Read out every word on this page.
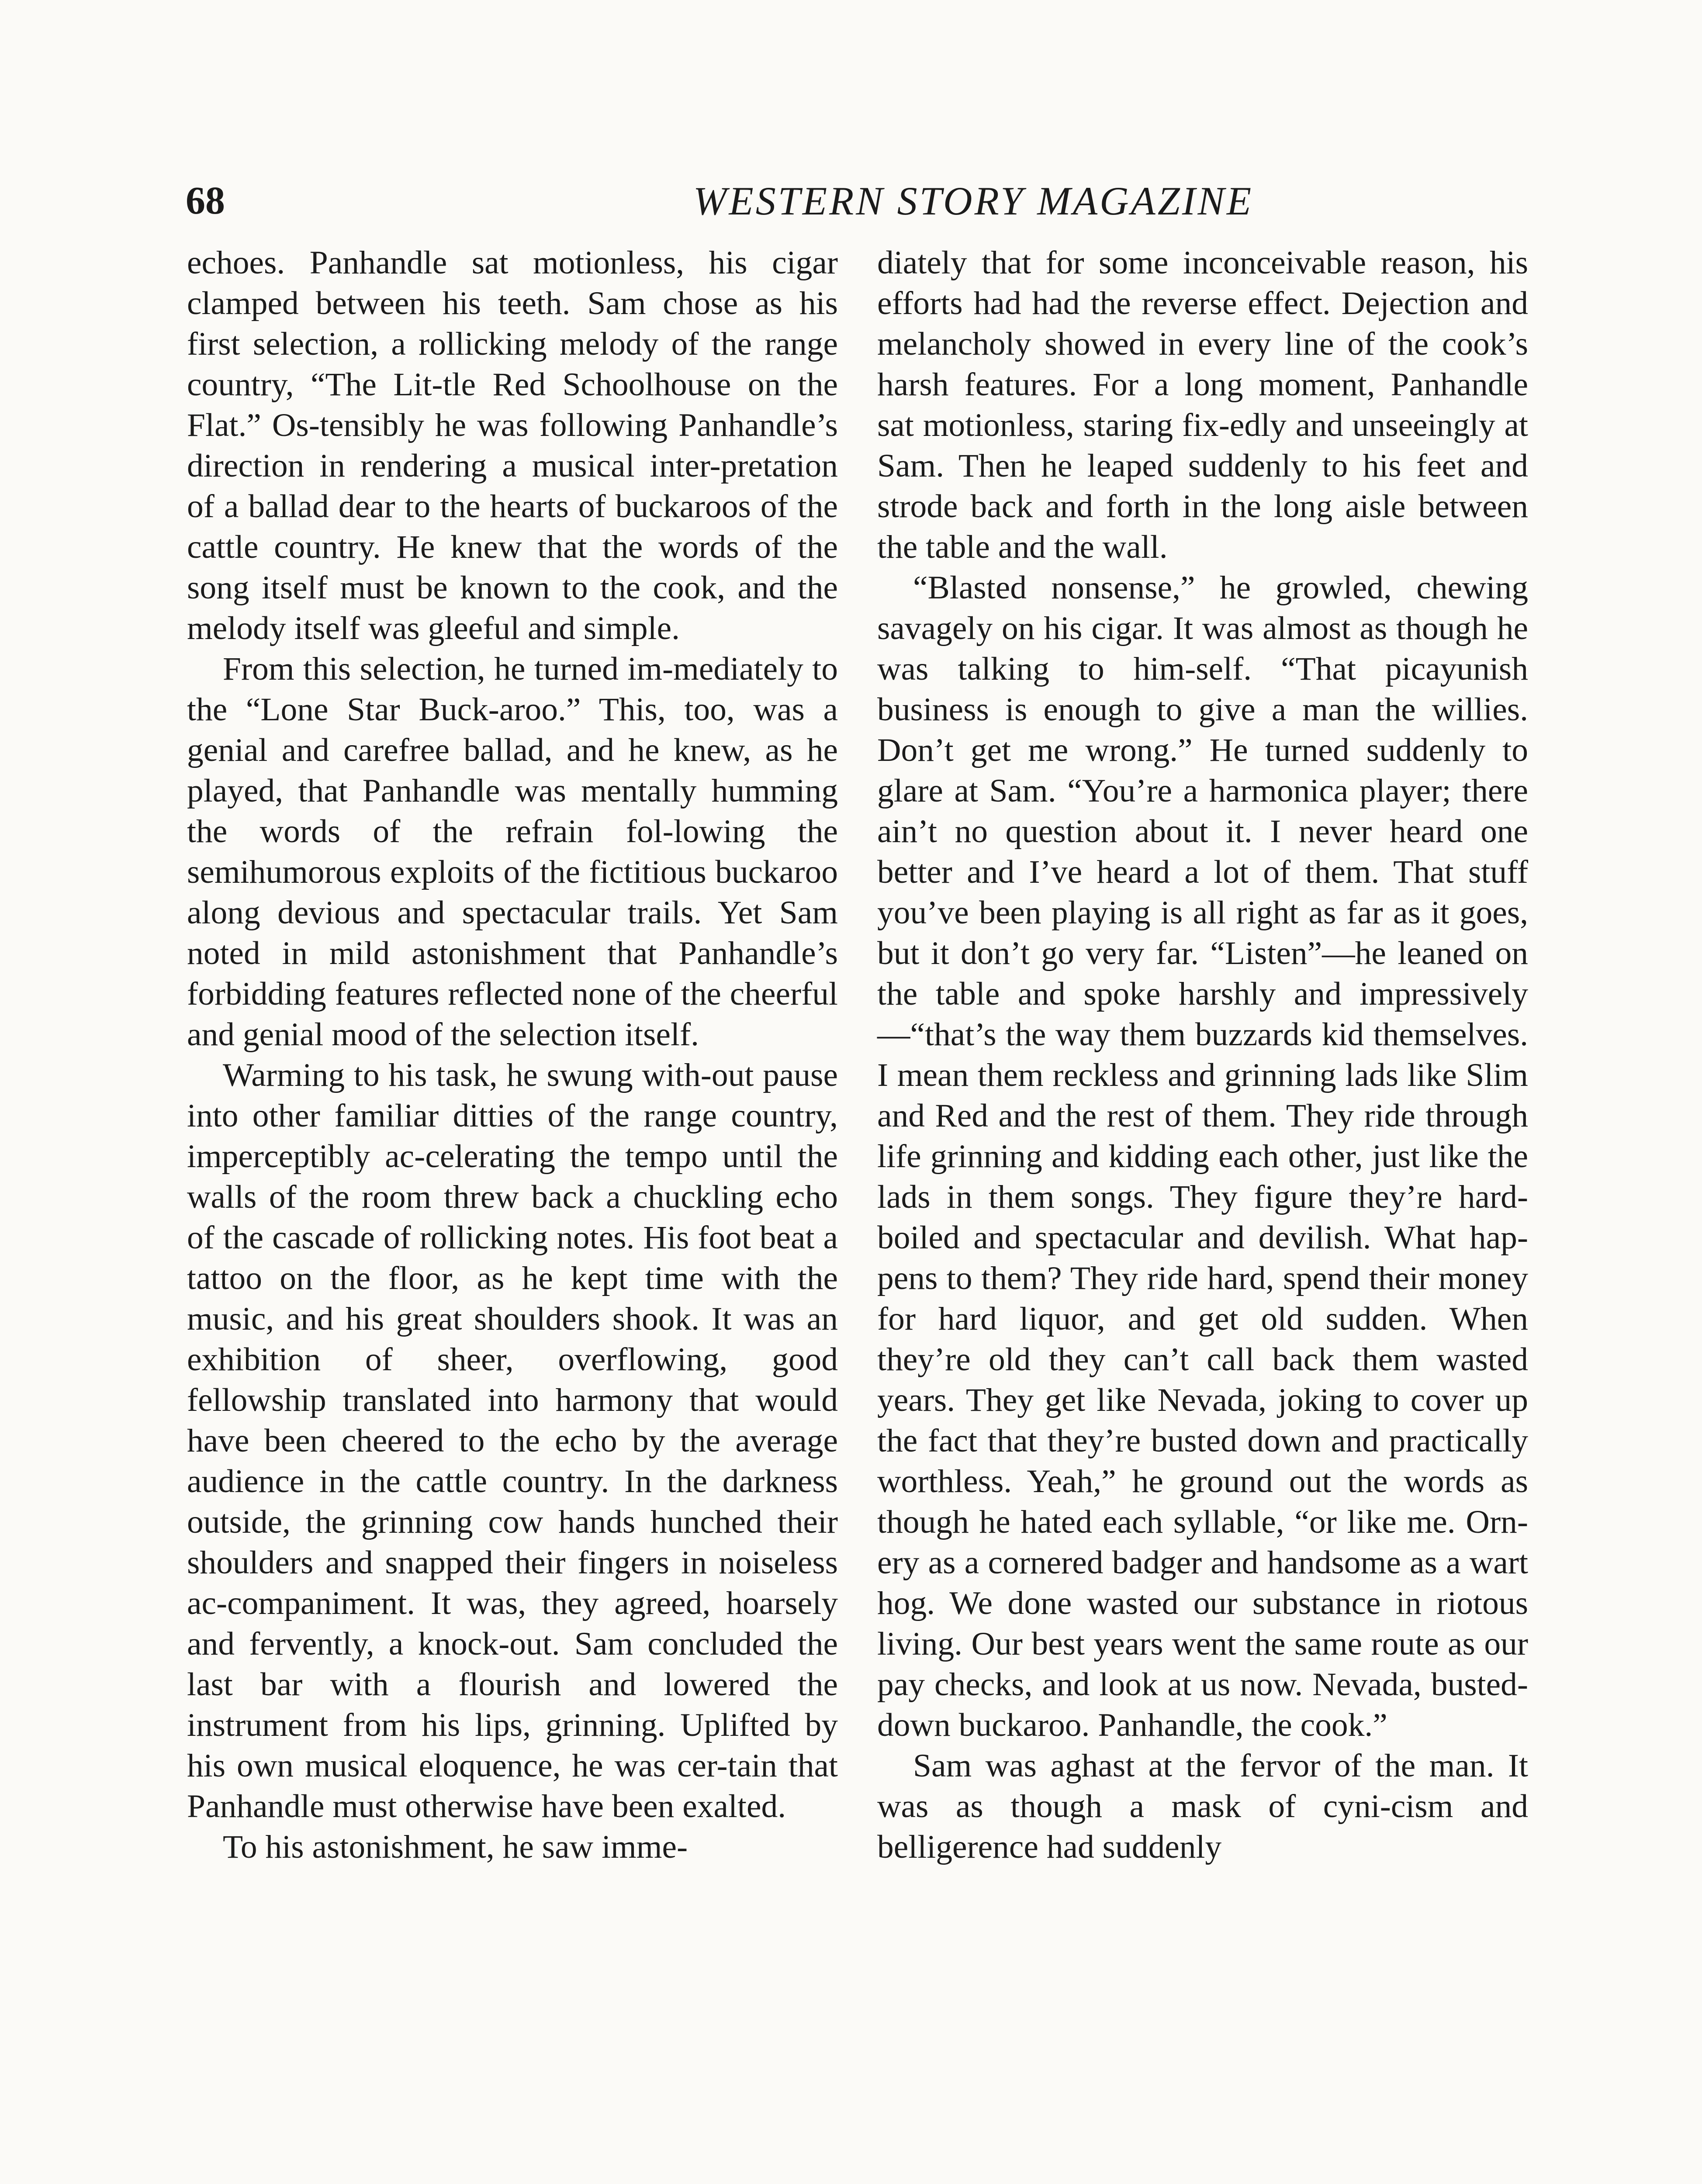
68	WESTERN STORY MAGAZINE

echoes. Panhandle sat motionless, his cigar clamped between his teeth. Sam chose as his first selection, a rollicking melody of the range country, “The Lit-tle Red Schoolhouse on the Flat.” Os-tensibly he was following Panhandle’s direction in rendering a musical inter-pretation of a ballad dear to the hearts of buckaroos of the cattle country. He knew that the words of the song itself must be known to the cook, and the melody itself was gleeful and simple.

From this selection, he turned im-mediately to the “Lone Star Buck-aroo.” This, too, was a genial and carefree ballad, and he knew, as he played, that Panhandle was mentally humming the words of the refrain fol-lowing the semihumorous exploits of the fictitious buckaroo along devious and spectacular trails. Yet Sam noted in mild astonishment that Panhandle’s forbidding features reflected none of the cheerful and genial mood of the selection itself.

Warming to his task, he swung with-out pause into other familiar ditties of the range country, imperceptibly ac-celerating the tempo until the walls of the room threw back a chuckling echo of the cascade of rollicking notes. His foot beat a tattoo on the floor, as he kept time with the music, and his great shoulders shook. It was an exhibition of sheer, overflowing, good fellowship translated into harmony that would have been cheered to the echo by the average audience in the cattle country. In the darkness outside, the grinning cow hands hunched their shoulders and snapped their fingers in noiseless ac-companiment. It was, they agreed, hoarsely and fervently, a knock-out. Sam concluded the last bar with a flourish and lowered the instrument from his lips, grinning. Uplifted by his own musical eloquence, he was cer-tain that Panhandle must otherwise have been exalted.

To his astonishment, he saw imme-

diately that for some inconceivable reason, his efforts had had the reverse effect. Dejection and melancholy showed in every line of the cook’s harsh features. For a long moment, Panhandle sat motionless, staring fix-edly and unseeingly at Sam. Then he leaped suddenly to his feet and strode back and forth in the long aisle between the table and the wall.

“Blasted nonsense,” he growled, chewing savagely on his cigar. It was almost as though he was talking to him-self. “That picayunish business is enough to give a man the willies. Don’t get me wrong.” He turned suddenly to glare at Sam. “You’re a harmonica player; there ain’t no question about it. I never heard one better and I’ve heard a lot of them. That stuff you’ve been playing is all right as far as it goes, but it don’t go very far. “Listen”—he leaned on the table and spoke harshly and impressively—“that’s the way them buzzards kid themselves. I mean them reckless and grinning lads like Slim and Red and the rest of them. They ride through life grinning and kidding each other, just like the lads in them songs. They figure they’re hard-boiled and spectacular and devilish. What hap-pens to them? They ride hard, spend their money for hard liquor, and get old sudden. When they’re old they can’t call back them wasted years. They get like Nevada, joking to cover up the fact that they’re busted down and practically worthless. Yeah,” he ground out the words as though he hated each syllable, “or like me. Orn-ery as a cornered badger and handsome as a wart hog. We done wasted our substance in riotous living. Our best years went the same route as our pay checks, and look at us now. Nevada, busted-down buckaroo. Panhandle, the cook.”

Sam was aghast at the fervor of the man. It was as though a mask of cyni-cism and belligerence had suddenly
